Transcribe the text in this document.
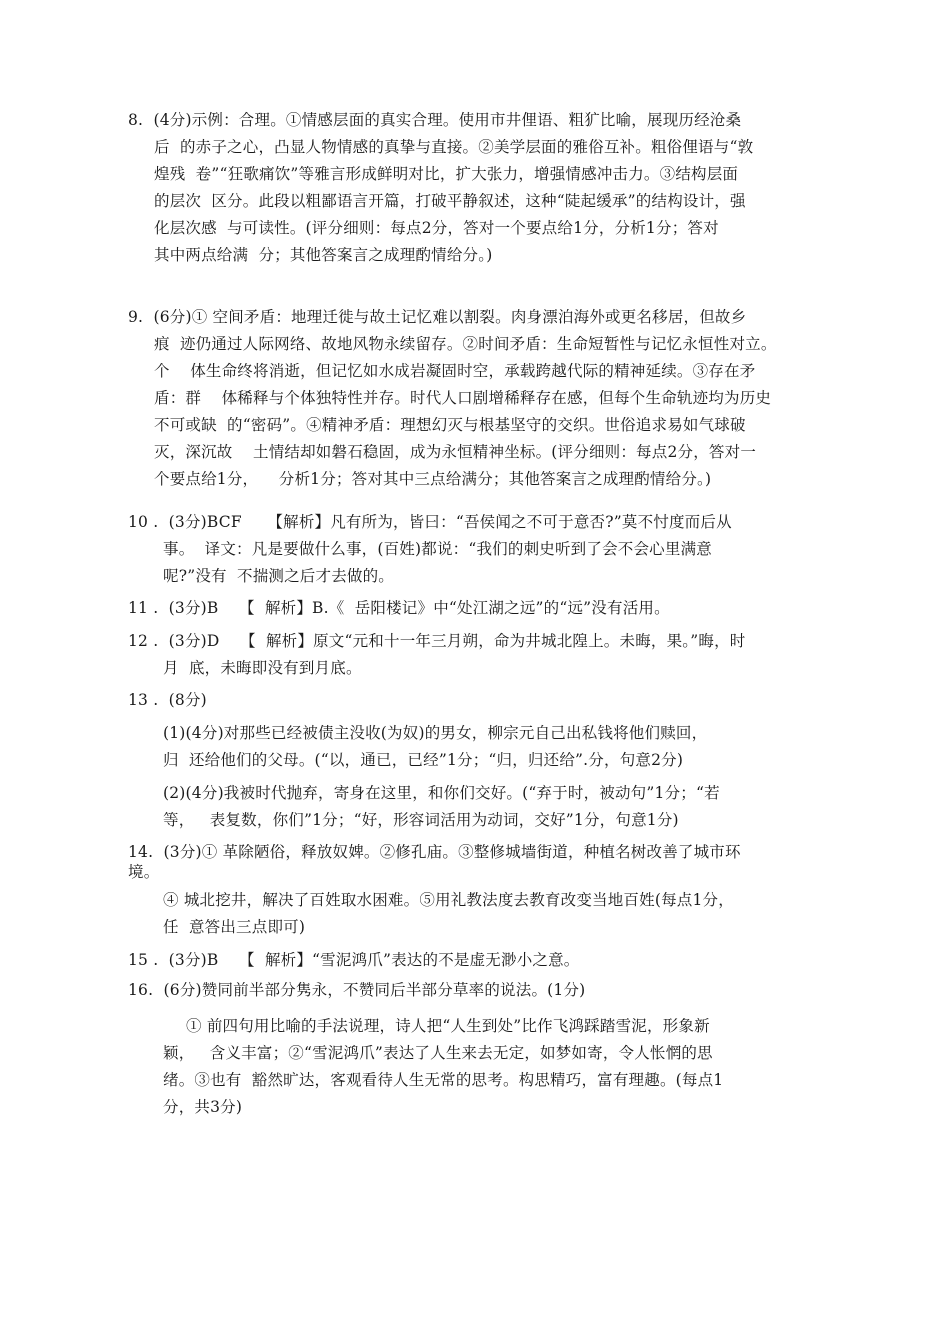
8.  (4分)示例：合理。①情感层面的真实合理。使用市井俚语、粗犷比喻，展现历经沧桑
后  的赤子之心，凸显人物情感的真挚与直接。②美学层面的雅俗互补。粗俗俚语与“敦
煌残  卷”“狂歌痛饮”等雅言形成鲜明对比，扩大张力，增强情感冲击力。③结构层面
的层次  区分。此段以粗鄙语言开篇，打破平静叙述，这种“陡起缓承”的结构设计，强
化层次感  与可读性。(评分细则：每点2分，答对一个要点给1分，分析1分；答对
其中两点给满  分；其他答案言之成理酌情给分。)
9.  (6分)① 空间矛盾：地理迁徙与故土记忆难以割裂。肉身漂泊海外或更名移居，但故乡
痕  迹仍通过人际网络、故地风物永续留存。②时间矛盾：生命短暂性与记忆永恒性对立。
个    体生命终将消逝，但记忆如水成岩凝固时空，承载跨越代际的精神延续。③存在矛
盾：群    体稀释与个体独特性并存。时代人口剧增稀释存在感，但每个生命轨迹均为历史
不可或缺  的“密码”。④精神矛盾：理想幻灭与根基坚守的交织。世俗追求易如气球破
灭，深沉故    土情结却如磐石稳固，成为永恒精神坐标。(评分细则：每点2分，答对一
个要点给1分，    分析1分；答对其中三点给满分；其他答案言之成理酌情给分。)
10 .  (3分)BCF     【解析】凡有所为，皆曰：“吾侯闻之不可于意否?”莫不忖度而后从
事。  译文：凡是要做什么事，(百姓)都说：“我们的刺史听到了会不会心里满意
呢?”没有  不揣测之后才去做的。
11 .  (3分)B    【  解析】B.《  岳阳楼记》中“处江湖之远”的“远”没有活用。
12 .  (3分)D    【  解析】原文“元和十一年三月朔，命为井城北隍上。未晦，果。”晦，时
月  底，未晦即没有到月底。
13 .  (8分)
(1)(4分)对那些已经被债主没收(为奴)的男女，柳宗元自己出私钱将他们赎回，
归  还给他们的父母。(“以，通已，已经”1分；“归，归还给”.分，句意2分)
(2)(4分)我被时代抛弃，寄身在这里，和你们交好。(“弃于时，被动句”1分；“若
等，   表复数，你们”1分；“好，形容词活用为动词，交好”1分，句意1分)
14.  (3分)① 革除陋俗，释放奴婢。②修孔庙。③整修城墙街道，种植名树改善了城市环
境。
④ 城北挖井，解决了百姓取水困难。⑤用礼教法度去教育改变当地百姓(每点1分，
任  意答出三点即可)
15 .  (3分)B    【  解析】“雪泥鸿爪”表达的不是虚无渺小之意。
16.  (6分)赞同前半部分隽永，不赞同后半部分草率的说法。(1分)
① 前四句用比喻的手法说理，诗人把“人生到处”比作飞鸿踩踏雪泥，形象新
颖，   含义丰富；②“雪泥鸿爪”表达了人生来去无定，如梦如寄，令人怅惘的思
绪。③也有  豁然旷达，客观看待人生无常的思考。构思精巧，富有理趣。(每点1
分，共3分)
